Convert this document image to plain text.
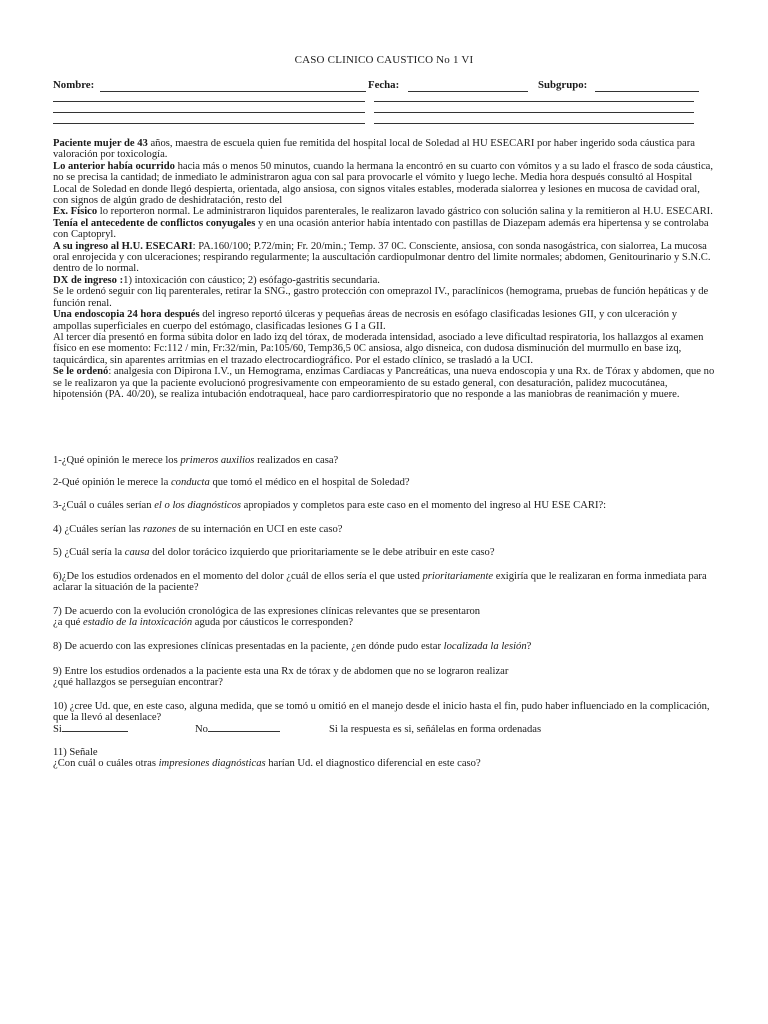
CASO CLINICO CAUSTICO No 1 VI
Nombre:	Fecha:	Subgrupo:

Paciente mujer de 43 años, maestra de escuela quien fue remitida del hospital local de Soledad al HU ESECARI por haber ingerido soda cáustica para valoración por toxicología.

Lo anterior había ocurrido hacia más o menos 50 minutos, cuando la hermana la encontró en su cuarto con vómitos y a su lado el frasco de soda cáustica, no se precisa la cantidad; de inmediato le administraron agua con sal para provocarle el vómito y luego leche. Media hora después consultó al Hospital Local de Soledad en donde llegó despierta, orientada, algo ansiosa, con signos vitales estables, moderada sialorrea y lesiones en mucosa de cavidad oral, con signos de algún grado de deshidratación, resto del

Ex. Físico lo reporteron normal. Le administraron liquidos parenterales, le realizaron lavado gástrico con solución salina y la remitieron al H.U. ESECARI.

Tenía el antecedente de conflictos conyugales y en una ocasión anterior había intentado con pastillas de Diazepam además era hipertensa y se controlaba con Captopryl.

A su ingreso al H.U. ESECARI: PA.160/100; P.72/min; Fr. 20/min.; Temp. 37 0C. Consciente, ansiosa, con sonda nasogástrica, con sialorrea, La mucosa oral enrojecida y con ulceraciones; respirando regularmente; la auscultación cardiopulmonar dentro del limite normales; abdomen, Genitourinario y S.N.C. dentro de lo normal.

DX de ingreso :1) intoxicación con cáustico; 2) esófago-gastritis secundaria.

Se le ordenó seguir con liq parenterales, retirar la SNG., gastro protección con omeprazol IV., paraclínicos (hemograma, pruebas de función hepáticas y de función renal.

Una endoscopia 24 hora después del ingreso reportó úlceras y pequeñas áreas de necrosis en esófago clasificadas lesiones GII, y con ulceración y ampollas superficiales en cuerpo del estómago, clasificadas lesiones G I a GII.

Al tercer día presentó en forma súbita dolor en lado izq del tórax, de moderada intensidad, asociado a leve dificultad respiratoria, los hallazgos al examen físico en ese momento: Fc:112 / min, Fr:32/min, Pa:105/60, Temp36,5 0C ansiosa, algo disneica, con dudosa disminución del murmullo en base izq, taquicárdica, sin aparentes arritmias en el trazado electrocardiográfico. Por el estado clínico, se trasladó a la UCI.

Se le ordenó: analgesia con Dipirona I.V., un Hemograma, enzimas Cardiacas y Pancreáticas, una nueva endoscopia y una Rx. de Tórax y abdomen, que no se le realizaron ya que la paciente evolucionó progresivamente con empeoramiento de su estado general, con desaturación, palidez mucocutánea, hipotensión (PA. 40/20), se realiza intubación endotraqueal, hace paro cardiorrespiratorio que no responde a las maniobras de reanimación y muere.

1-¿Qué opinión le merece los primeros auxilios realizados en casa?

2-Qué opinión le merece la conducta que tomó el médico en el hospital de Soledad?

3-¿Cuál o cuáles serían el o los diagnósticos apropiados y completos para este caso en el momento del ingreso al HU ESE CARI?:

4) ¿Cuáles serían las razones de su internación en UCI en este caso?

5) ¿Cuál sería la causa del dolor torácico izquierdo que prioritariamente se le debe atribuir en este caso?

6)¿De los estudios ordenados en el momento del dolor ¿cuál de ellos sería el que usted prioritariamente exigiría que le realizaran en forma inmediata para aclarar la situación de la paciente?

7) De acuerdo con la evolución cronológica de las expresiones clínicas relevantes que se presentaron
¿a qué estadio de la intoxicación aguda por cáusticos le corresponden?

8) De acuerdo con las expresiones clínicas presentadas en la paciente, ¿en dónde pudo estar localizada la lesión?

9) Entre los estudios ordenados a la paciente esta una Rx de tórax y de abdomen que no se lograron realizar
¿qué hallazgos se perseguían encontrar?
10) ¿cree Ud. que, en este caso, alguna medida, que se tomó u omitió en el manejo desde el inicio hasta el fin, pudo haber influenciado en la complicación, que la llevó al desenlace?
Si	No	Si la respuesta es si, señálelas en forma ordenadas
11) Señale
¿Con cuál o cuáles otras impresiones diagnósticas harían Ud. el diagnostico diferencial en este caso?
